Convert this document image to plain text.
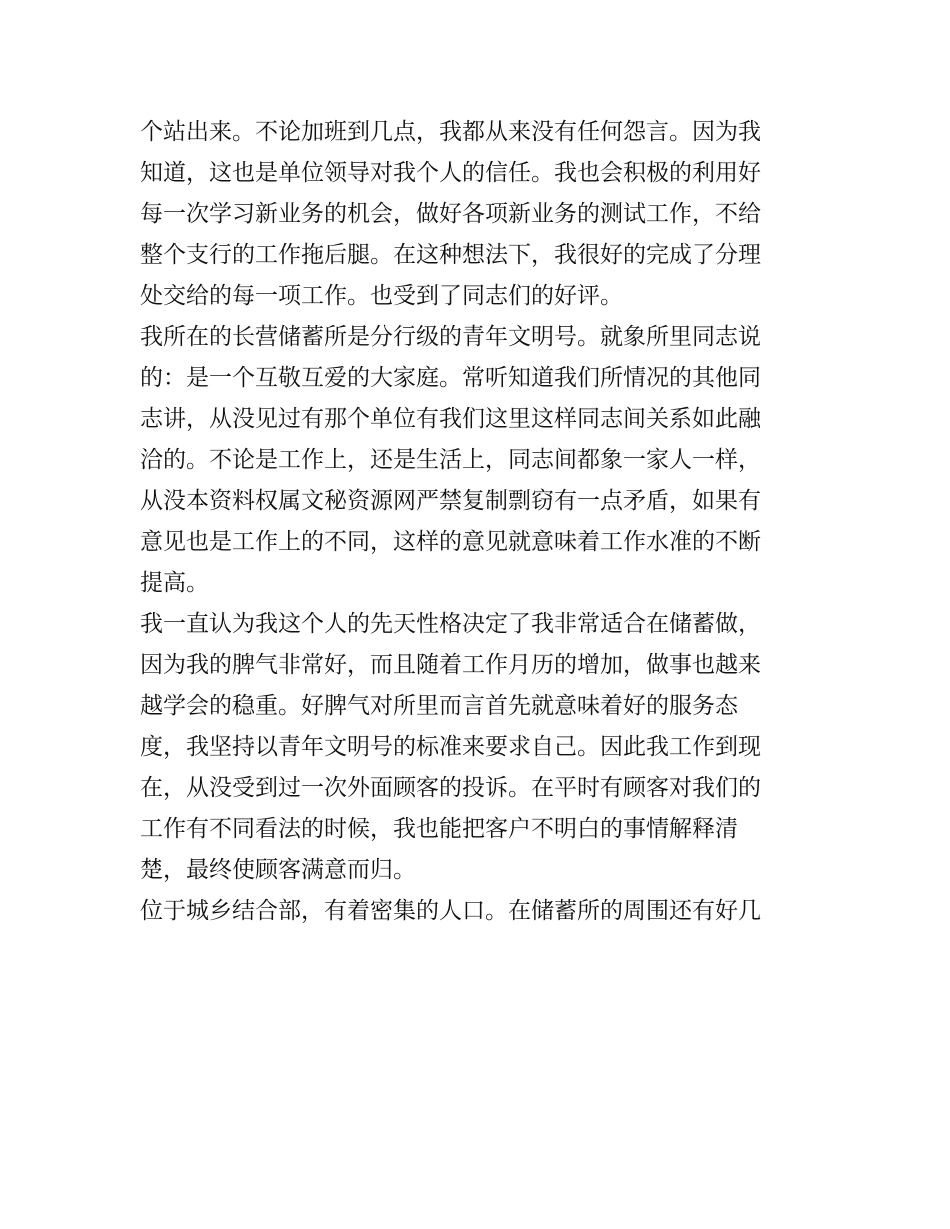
个站出来。不论加班到几点，我都从来没有任何怨言。因为我
知道，这也是单位领导对我个人的信任。我也会积极的利用好
每一次学习新业务的机会，做好各项新业务的测试工作，不给
整个支行的工作拖后腿。在这种想法下，我很好的完成了分理
处交给的每一项工作。也受到了同志们的好评。
我所在的长营储蓄所是分行级的青年文明号。就象所里同志说
的：是一个互敬互爱的大家庭。常听知道我们所情况的其他同
志讲，从没见过有那个单位有我们这里这样同志间关系如此融
洽的。不论是工作上，还是生活上，同志间都象一家人一样，
从没本资料权属文秘资源网严禁复制剽窃有一点矛盾，如果有
意见也是工作上的不同，这样的意见就意味着工作水准的不断
提高。
我一直认为我这个人的先天性格决定了我非常适合在储蓄做，
因为我的脾气非常好，而且随着工作月历的增加，做事也越来
越学会的稳重。好脾气对所里而言首先就意味着好的服务态
度，我坚持以青年文明号的标准来要求自己。因此我工作到现
在，从没受到过一次外面顾客的投诉。在平时有顾客对我们的
工作有不同看法的时候，我也能把客户不明白的事情解释清
楚，最终使顾客满意而归。
位于城乡结合部，有着密集的人口。在储蓄所的周围还有好几
